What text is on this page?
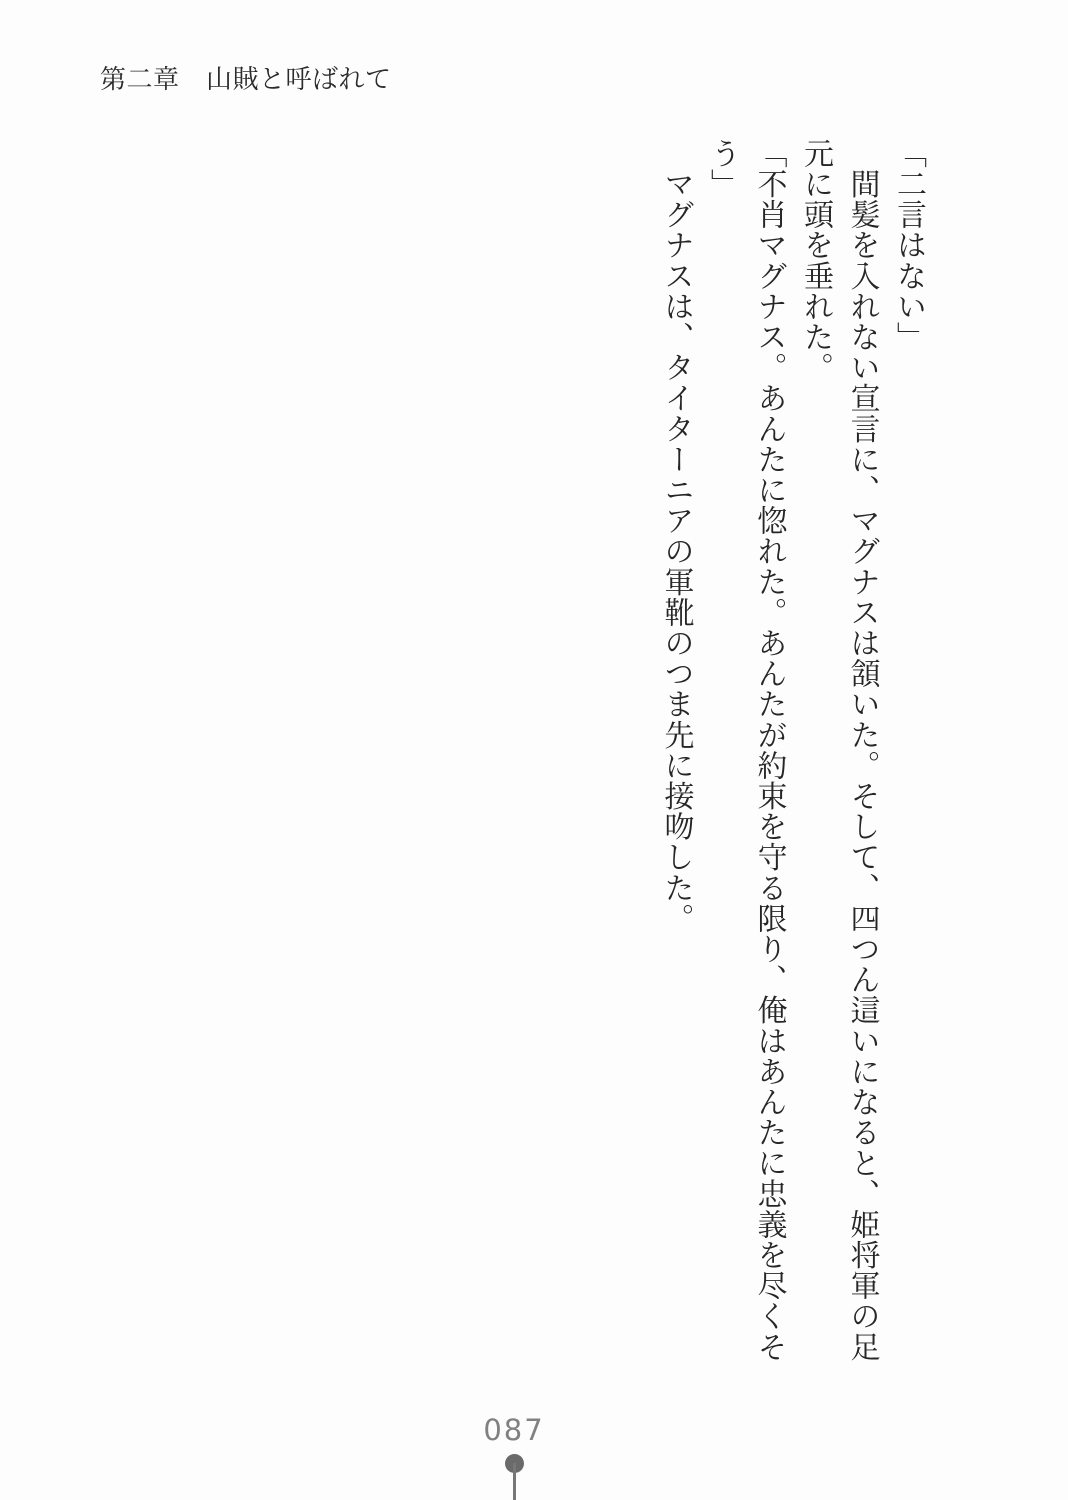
第二章　山賊と呼ばれて

「二言はない」

　間髪を入れない宣言に、マグナスは頷いた。そして、四つん這いになると、姫将軍の足元に頭を垂れた。

「不肖マグナス。あんたに惚れた。あんたが約束を守る限り、俺はあんたに忠義を尽くそう」

　マグナスは、タイターニアの軍靴のつま先に接吻した。

087
